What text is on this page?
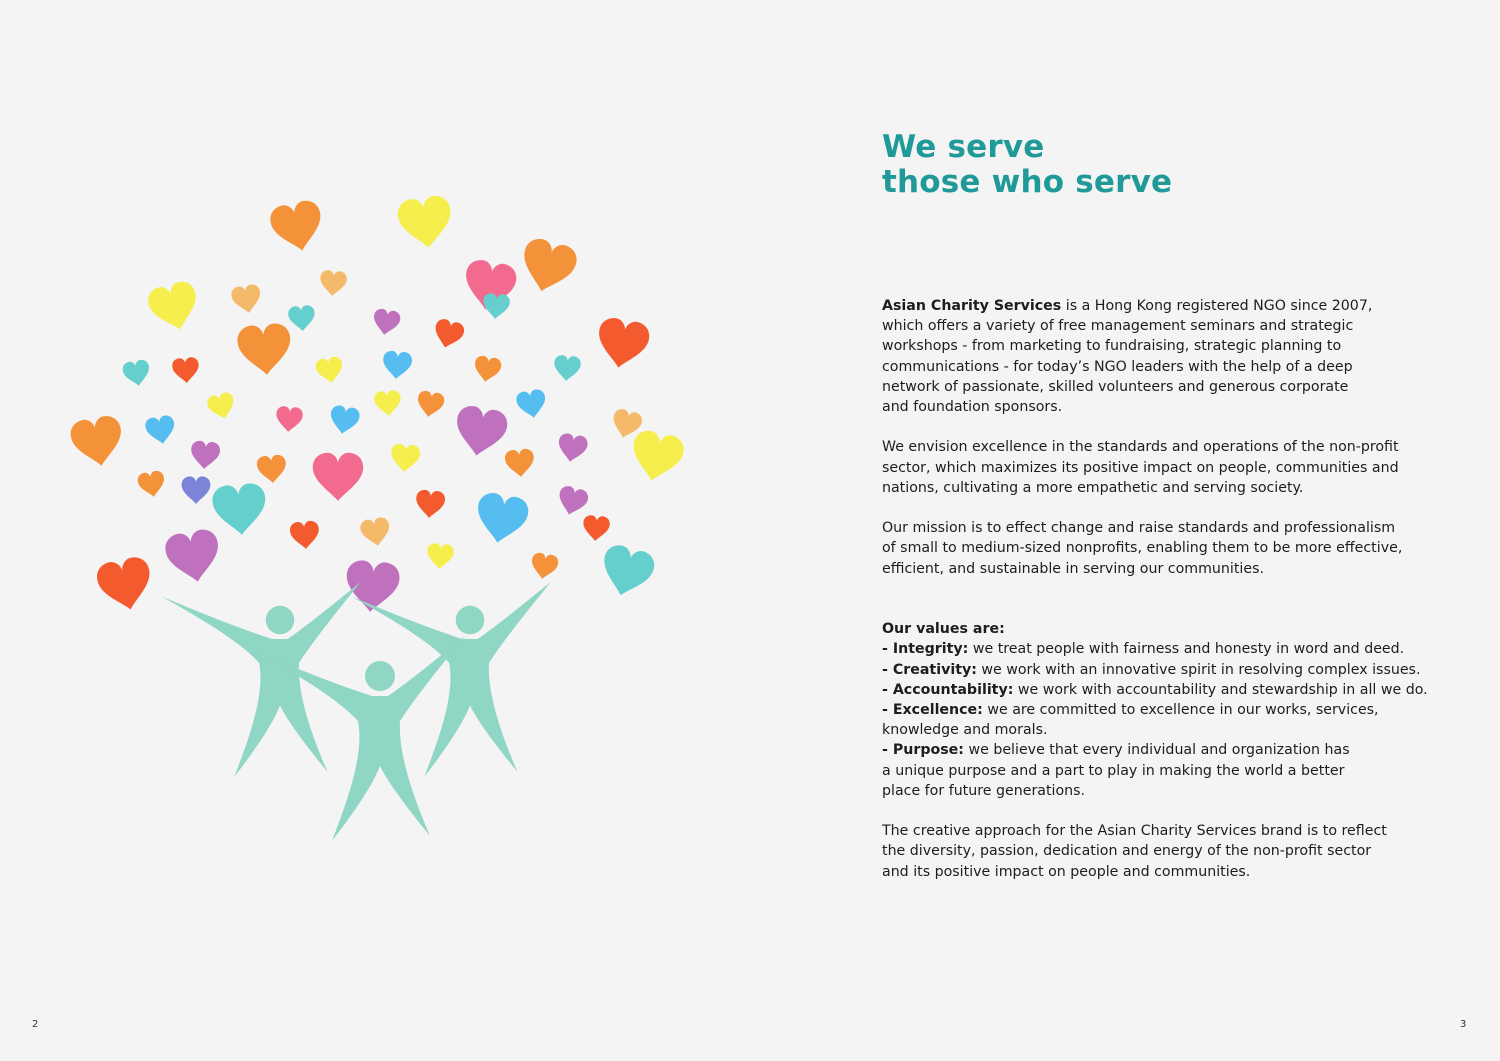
We serve
those who serve

Asian Charity Services is a Hong Kong registered NGO since 2007,
which offers a variety of free management seminars and strategic
workshops - from marketing to fundraising, strategic planning to
communications - for today’s NGO leaders with the help of a deep
network of passionate, skilled volunteers and generous corporate
and foundation sponsors.

We envision excellence in the standards and operations of the non-profit
sector, which maximizes its positive impact on people, communities and
nations, cultivating a more empathetic and serving society.

Our mission is to effect change and raise standards and professionalism
of small to medium-sized nonprofits, enabling them to be more effective,
efficient, and sustainable in serving our communities.

Our values are:
- Integrity: we treat people with fairness and honesty in word and deed.
- Creativity: we work with an innovative spirit in resolving complex issues.
- Accountability: we work with accountability and stewardship in all we do.
- Excellence: we are committed to excellence in our works, services,
knowledge and morals.
- Purpose: we believe that every individual and organization has
a unique purpose and a part to play in making the world a better
place for future generations.

The creative approach for the Asian Charity Services brand is to reflect
the diversity, passion, dedication and energy of the non-profit sector
and its positive impact on people and communities.

2	3
